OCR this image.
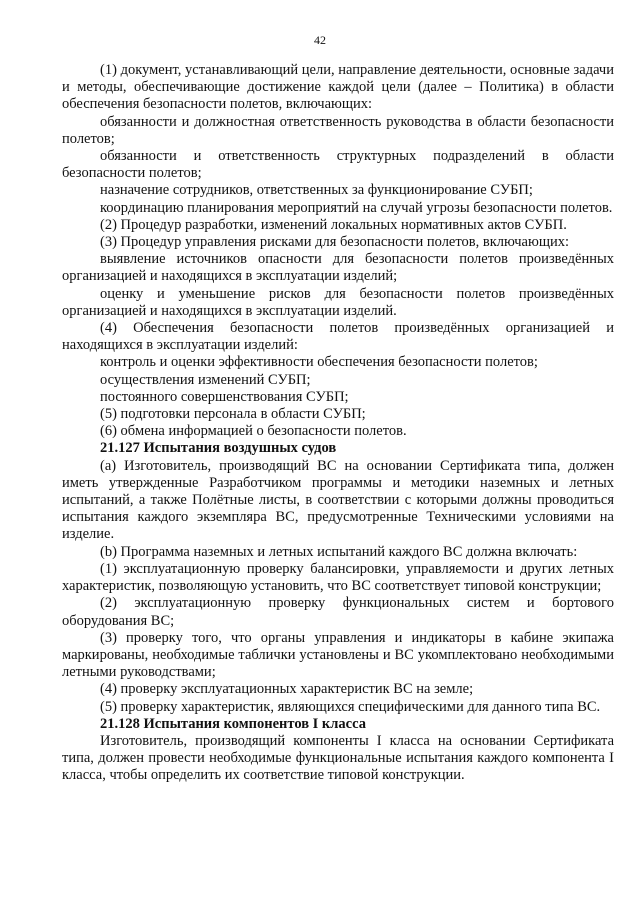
42

(1) документ, устанавливающий цели, направление деятельности, основные задачи и методы, обеспечивающие достижение каждой цели (далее – Политика) в области обеспечения безопасности полетов, включающих:

обязанности и должностная ответственность руководства в области безопасности полетов;

обязанности и ответственность структурных подразделений в области безопасности полетов;

назначение сотрудников, ответственных за функционирование СУБП;

координацию планирования мероприятий на случай угрозы безопасности полетов.

(2) Процедур разработки, изменений локальных нормативных актов СУБП.

(3) Процедур управления рисками для безопасности полетов, включающих:

выявление источников опасности для безопасности полетов произведённых организацией и находящихся в эксплуатации изделий;

оценку и уменьшение рисков для безопасности полетов произведённых организацией и находящихся в эксплуатации изделий.

(4) Обеспечения безопасности полетов произведённых организацией и находящихся в эксплуатации изделий:

контроль и оценки эффективности обеспечения безопасности полетов;

осуществления изменений СУБП;

постоянного совершенствования СУБП;

(5) подготовки персонала в области СУБП;

(6) обмена информацией о безопасности полетов.

21.127 Испытания воздушных судов

(a) Изготовитель, производящий ВС на основании Сертификата типа, должен иметь утвержденные Разработчиком программы и методики наземных и летных испытаний, а также Полётные листы, в соответствии с которыми должны проводиться испытания каждого экземпляра ВС, предусмотренные Техническими условиями на изделие.

(b) Программа наземных и летных испытаний каждого ВС должна включать:

(1) эксплуатационную проверку балансировки, управляемости и других летных характеристик, позволяющую установить, что ВС соответствует типовой конструкции;

(2) эксплуатационную проверку функциональных систем и бортового оборудования ВС;

(3) проверку того, что органы управления и индикаторы в кабине экипажа маркированы, необходимые таблички установлены и ВС укомплектовано необходимыми летными руководствами;

(4) проверку эксплуатационных характеристик ВС на земле;

(5) проверку характеристик, являющихся специфическими для данного типа ВС.

21.128 Испытания компонентов I класса

Изготовитель, производящий компоненты I класса на основании Сертификата типа, должен провести необходимые функциональные испытания каждого компонента I класса, чтобы определить их соответствие типовой конструкции.
